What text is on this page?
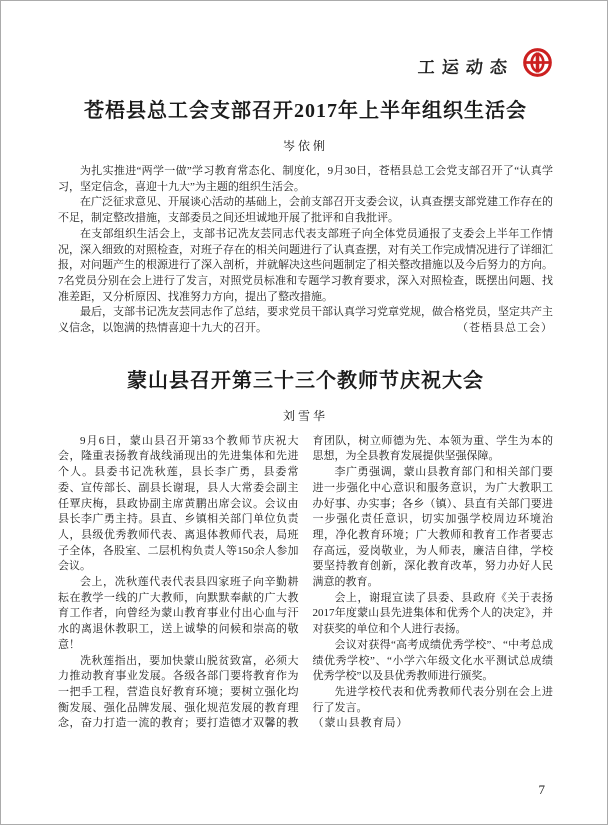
工运动态
苍梧县总工会支部召开2017年上半年组织生活会
岑依俐

为扎实推进“两学一做”学习教育常态化、制度化，9月30日，苍梧县总工会党支部召开了“认真学习，坚定信念，喜迎十九大”为主题的组织生活会。

在广泛征求意见、开展谈心活动的基础上，会前支部召开支委会议，认真查摆支部党建工作存在的不足，制定整改措施，支部委员之间还坦诚地开展了批评和自我批评。

在支部组织生活会上，支部书记冼友芸同志代表支部班子向全体党员通报了支委会上半年工作情况，深入细致的对照检查，对班子存在的相关问题进行了认真查摆，对有关工作完成情况进行了详细汇报，对问题产生的根源进行了深入剖析，并就解决这些问题制定了相关整改措施以及今后努力的方向。7名党员分别在会上进行了发言，对照党员标准和专题学习教育要求，深入对照检查，既摆出问题、找准差距，又分析原因、找准努力方向，提出了整改措施。

最后，支部书记冼友芸同志作了总结，要求党员干部认真学习党章党规，做合格党员，坚定共产主义信念，以饱满的热情喜迎十九大的召开。	（苍梧县总工会）

蒙山县召开第三十三个教师节庆祝大会
刘雪华

9月6日，蒙山县召开第33个教师节庆祝大会，隆重表扬教育战线涌现出的先进集体和先进个人。县委书记冼秋莲，县长李广勇，县委常委、宣传部长、副县长谢琨，县人大常委会副主任覃庆梅，县政协副主席黄鹏出席会议。会议由县长李广勇主持。县直、乡镇相关部门单位负责人，县级优秀教师代表、离退体教师代表，局班子全体，各股室、二层机构负责人等150余人参加会议。

会上，冼秋莲代表代表县四家班子向辛勤耕耘在教学一线的广大教师，向默默奉献的广大教育工作者，向曾经为蒙山教育事业付出心血与汗水的离退休教职工，送上诚挚的问候和崇高的敬意！

冼秋莲指出，要加快蒙山脱贫致富，必须大力推动教育事业发展。各级各部门要将教育作为一把手工程，营造良好教育环境；要树立强化均衡发展、强化品牌发展、强化规范发展的教育理念，奋力打造一流的教育；要打造德才双馨的教育团队，树立师德为先、本领为重、学生为本的思想，为全县教育发展提供坚强保障。

李广勇强调，蒙山县教育部门和相关部门要进一步强化中心意识和服务意识，为广大教职工办好事、办实事；各乡（镇）、县直有关部门要进一步强化责任意识，切实加强学校周边环境治理，净化教育环境；广大教师和教育工作者要志存高远，爱岗敬业，为人师表，廉洁自律，学校要坚持教育创新，深化教育改革，努力办好人民满意的教育。

会上，谢琨宣读了县委、县政府《关于表扬2017年度蒙山县先进集体和优秀个人的决定》，并对获奖的单位和个人进行表扬。

会议对获得“高考成绩优秀学校”、“中考总成绩优秀学校”、“小学六年级文化水平测试总成绩优秀学校”以及县优秀教师进行颁奖。

先进学校代表和优秀教师代表分别在会上进行了发言。

（蒙山县教育局）

7
